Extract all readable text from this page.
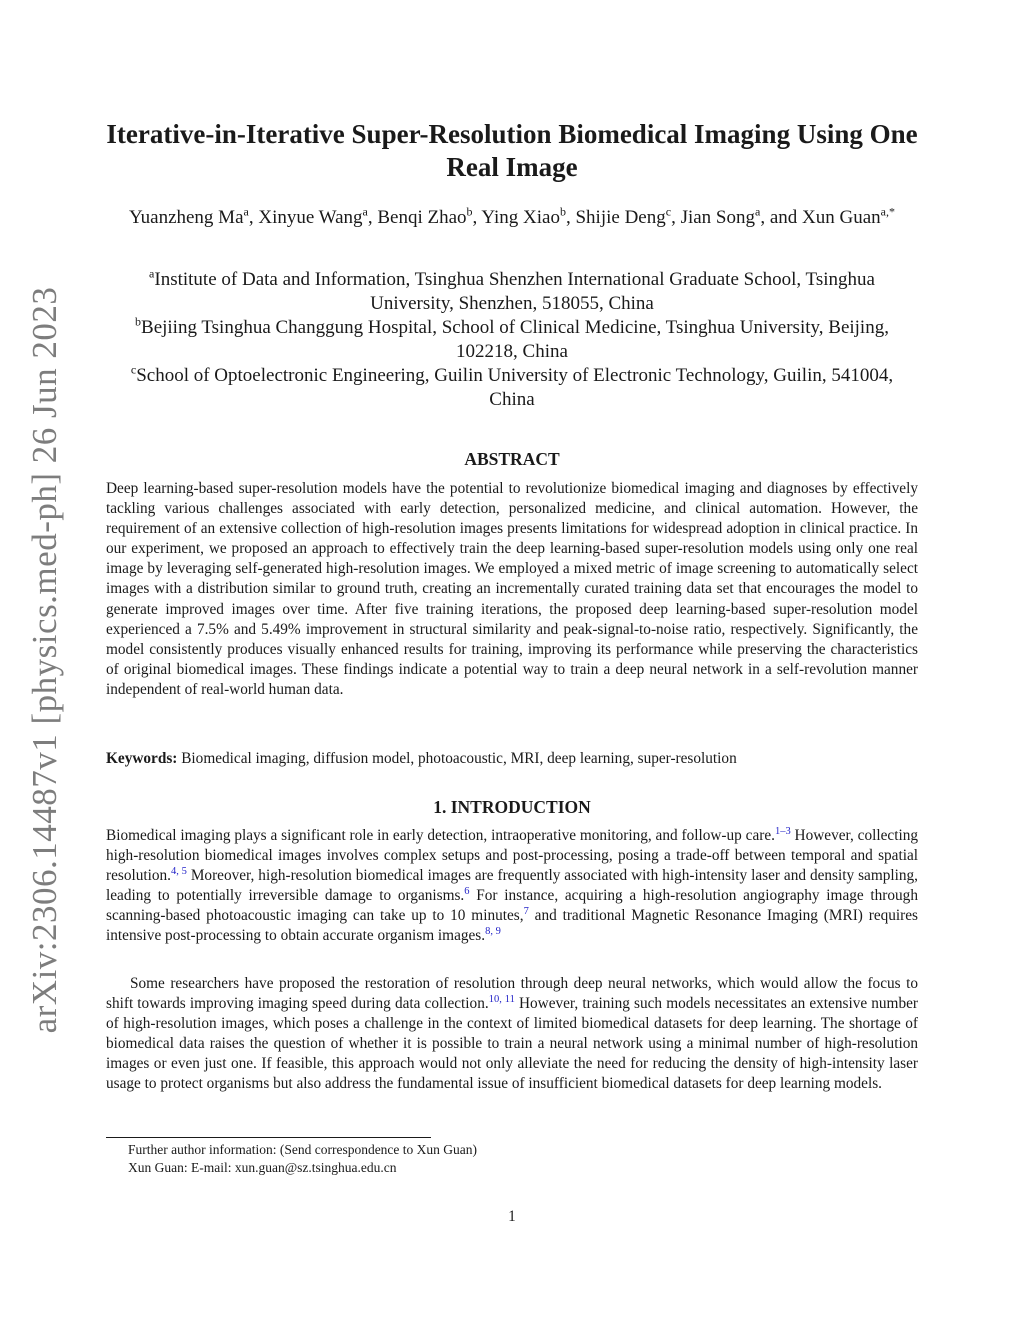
arXiv:2306.14487v1 [physics.med-ph] 26 Jun 2023
Iterative-in-Iterative Super-Resolution Biomedical Imaging Using One Real Image
Yuanzheng Ma$^a$, Xinyue Wang$^a$, Benqi Zhao$^b$, Ying Xiao$^b$, Shijie Deng$^c$, Jian Song$^a$, and Xun Guan$^{a,*}$

$^a$Institute of Data and Information, Tsinghua Shenzhen International Graduate School, Tsinghua University, Shenzhen, 518055, China

$^b$Bejiing Tsinghua Changgung Hospital, School of Clinical Medicine, Tsinghua University, Beijing, 102218, China

$^c$School of Optoelectronic Engineering, Guilin University of Electronic Technology, Guilin, 541004, China

ABSTRACT

Deep learning-based super-resolution models have the potential to revolutionize biomedical imaging and diagnoses by effectively tackling various challenges associated with early detection, personalized medicine, and clinical automation. However, the requirement of an extensive collection of high-resolution images presents limitations for widespread adoption in clinical practice. In our experiment, we proposed an approach to effectively train the deep learning-based super-resolution models using only one real image by leveraging self-generated high-resolution images. We employed a mixed metric of image screening to automatically select images with a distribution similar to ground truth, creating an incrementally curated training data set that encourages the model to generate improved images over time. After five training iterations, the proposed deep learning-based super-resolution model experienced a 7.5% and 5.49% improvement in structural similarity and peak-signal-to-noise ratio, respectively. Significantly, the model consistently produces visually enhanced results for training, improving its performance while preserving the characteristics of original biomedical images. These findings indicate a potential way to train a deep neural network in a self-revolution manner independent of real-world human data.

Keywords: Biomedical imaging, diffusion model, photoacoustic, MRI, deep learning, super-resolution

1. INTRODUCTION

Biomedical imaging plays a significant role in early detection, intraoperative monitoring, and follow-up care.$^{1-3}$ However, collecting high-resolution biomedical images involves complex setups and post-processing, posing a trade-off between temporal and spatial resolution.$^{4, 5}$ Moreover, high-resolution biomedical images are frequently associated with high-intensity laser and density sampling, leading to potentially irreversible damage to organisms.$^6$ For instance, acquiring a high-resolution angiography image through scanning-based photoacoustic imaging can take up to 10 minutes,$^7$ and traditional Magnetic Resonance Imaging (MRI) requires intensive post-processing to obtain accurate organism images.$^{8, 9}$

Some researchers have proposed the restoration of resolution through deep neural networks, which would allow the focus to shift towards improving imaging speed during data collection.$^{10, 11}$ However, training such models necessitates an extensive number of high-resolution images, which poses a challenge in the context of limited biomedical datasets for deep learning. The shortage of biomedical data raises the question of whether it is possible to train a neural network using a minimal number of high-resolution images or even just one. If feasible, this approach would not only alleviate the need for reducing the density of high-intensity laser usage to protect organisms but also address the fundamental issue of insufficient biomedical datasets for deep learning models.

Further author information: (Send correspondence to Xun Guan)

Xun Guan: E-mail: xun.guan@sz.tsinghua.edu.cn

1
